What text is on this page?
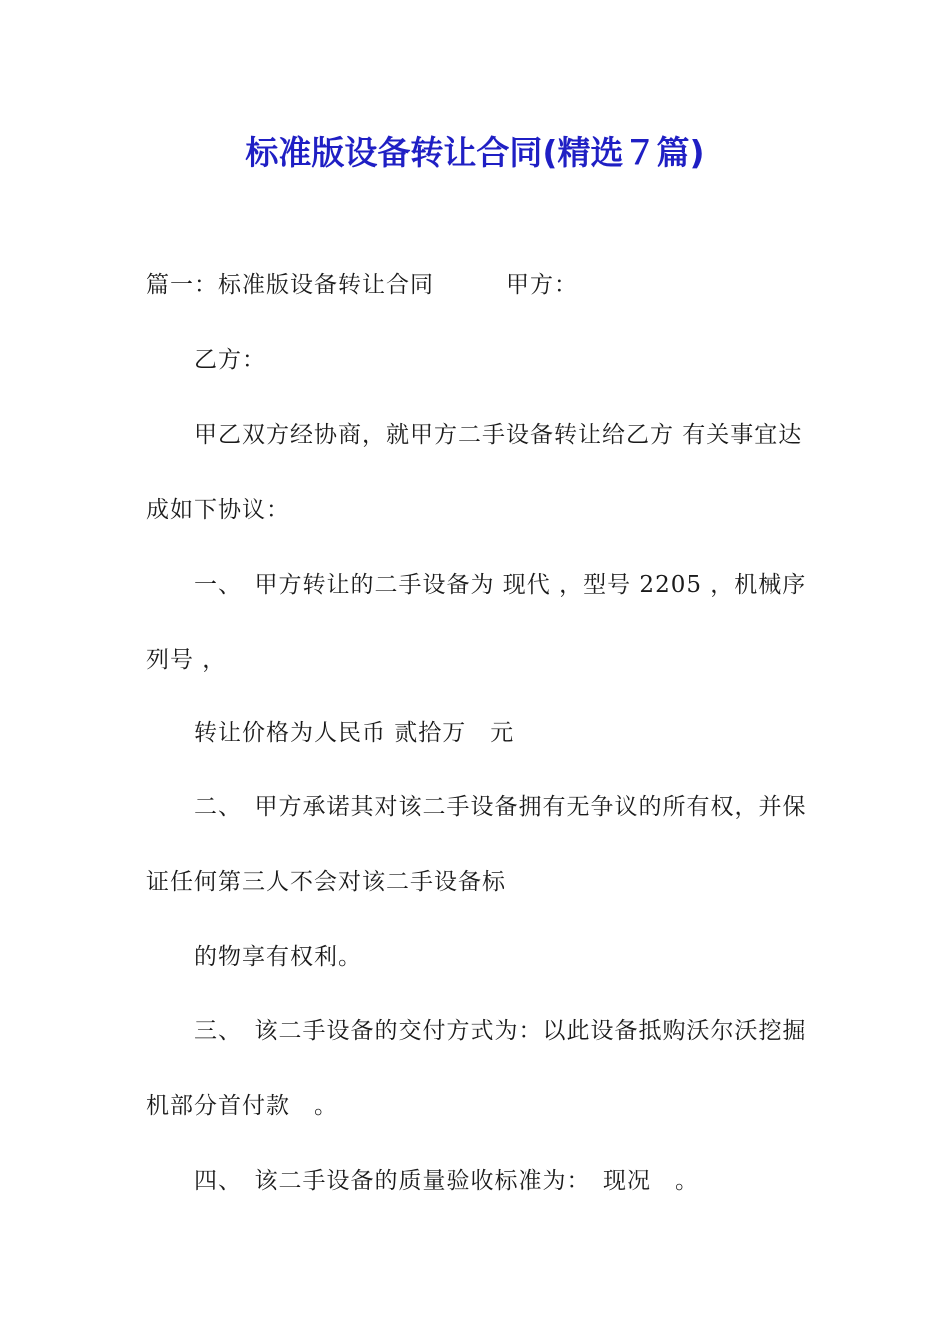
标准版设备转让合同(精选７篇)

篇一：标准版设备转让合同　　　甲方：

乙方：

甲乙双方经协商，就甲方二手设备转让给乙方 有关事宜达

成如下协议：

一、　甲方转让的二手设备为 现代 ，型号 2205 ，机械序

列号 ，

转让价格为人民币 贰拾万　元

二、　甲方承诺其对该二手设备拥有无争议的所有权，并保

证任何第三人不会对该二手设备标

的物享有权利。

三、　该二手设备的交付方式为：以此设备抵购沃尔沃挖掘

机部分首付款　。

四、　该二手设备的质量验收标准为：　现况　。
